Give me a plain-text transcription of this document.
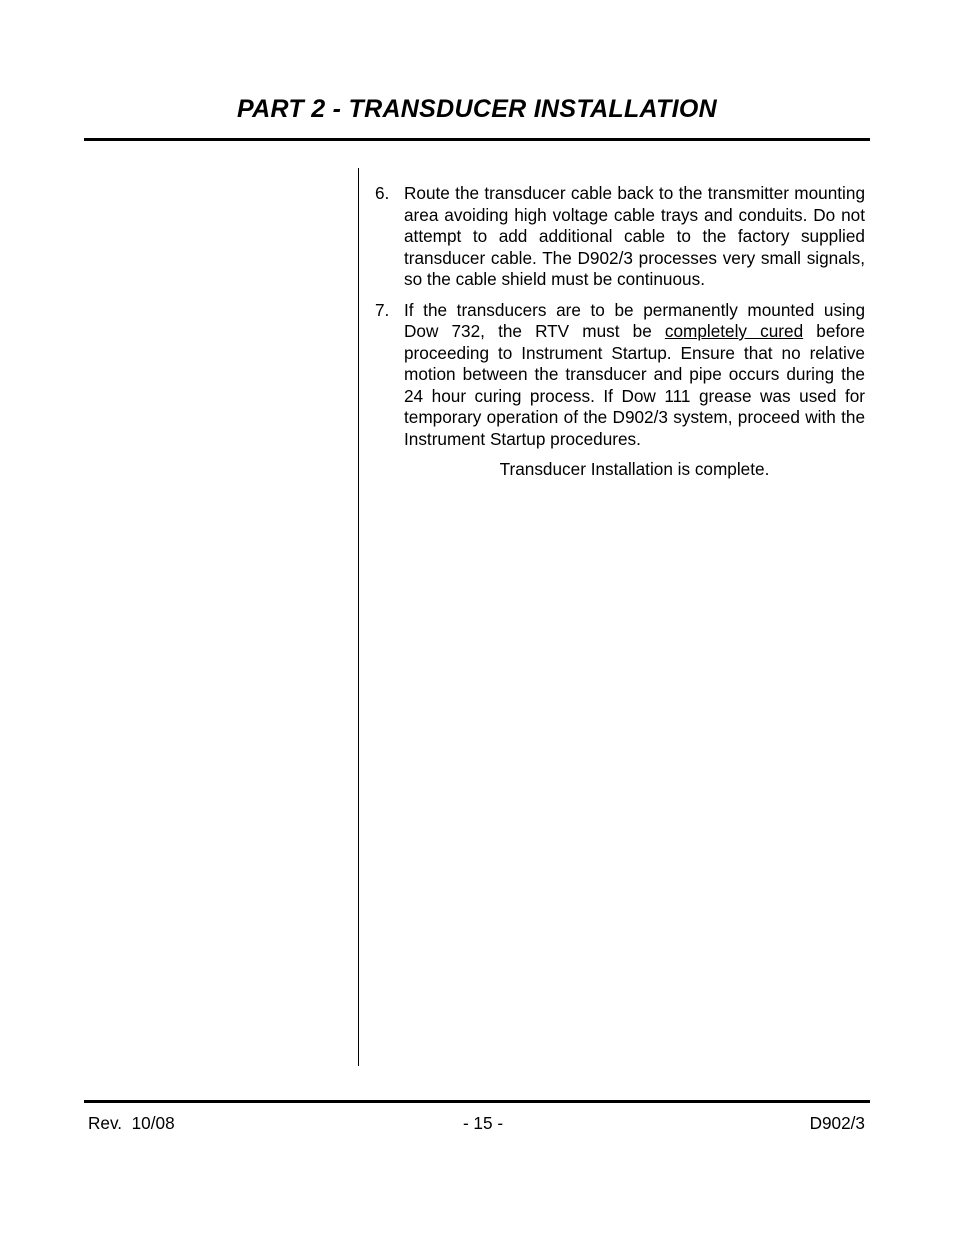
PART 2 - TRANSDUCER INSTALLATION
6. Route the transducer cable back to the transmitter mounting area avoiding high voltage cable trays and conduits. Do not attempt to add additional cable to the factory supplied transducer cable. The D902/3 processes very small signals, so the cable shield must be continuous.
7. If the transducers are to be permanently mounted using Dow 732, the RTV must be completely cured before proceeding to Instrument Startup. Ensure that no relative motion between the transducer and pipe occurs during the 24 hour curing process. If Dow 111 grease was used for temporary operation of the D902/3 system, proceed with the Instrument Startup procedures.
Transducer Installation is complete.
Rev.  10/08	- 15 -	D902/3
